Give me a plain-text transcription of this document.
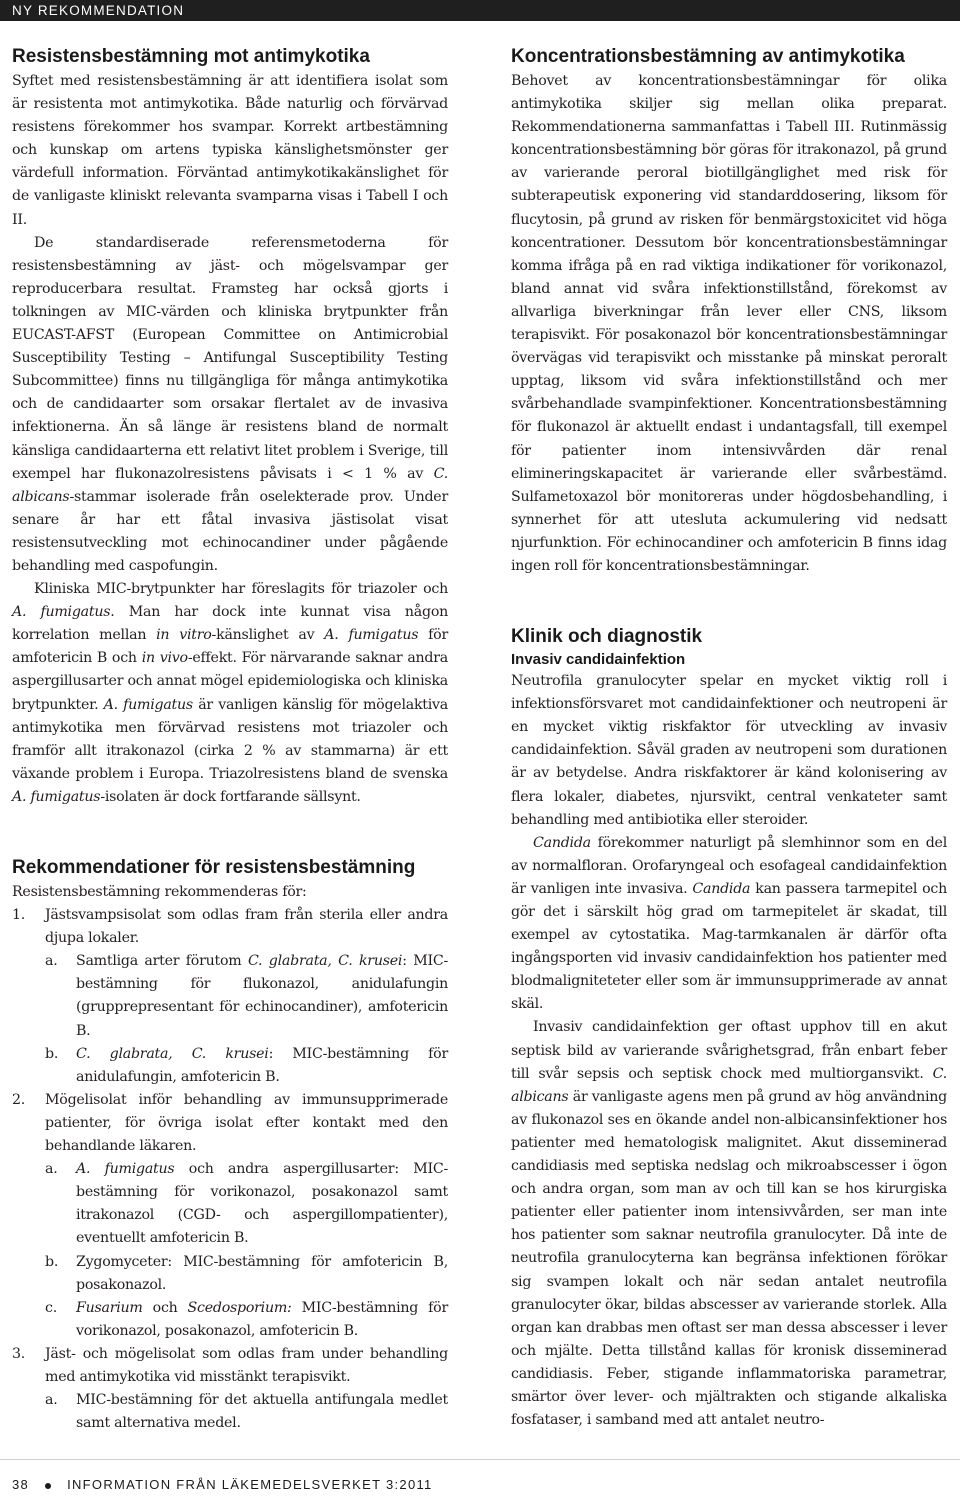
NY REKOMMENDATION
Resistensbestämning mot antimykotika

Syftet med resistensbestämning är att identifiera isolat som är resistenta mot antimykotika. Både naturlig och förvärvad resistens förekommer hos svampar. Korrekt artbestämning och kunskap om artens typiska känslighetsmönster ger värdefull information. Förväntad antimykotikakänslighet för de vanligaste kliniskt relevanta svamparna visas i Tabell I och II.

De standardiserade referensmetoderna för resistensbestämning av jäst- och mögelsvampar ger reproducerbara resultat. Framsteg har också gjorts i tolkningen av MIC-värden och kliniska brytpunkter från EUCAST-AFST (European Committee on Antimicrobial Susceptibility Testing – Antifungal Susceptibility Testing Subcommittee) finns nu tillgängliga för många antimykotika och de candidaarter som orsakar flertalet av de invasiva infektionerna. Än så länge är resistens bland de normalt känsliga candidaarterna ett relativt litet problem i Sverige, till exempel har flukonazolresistens påvisats i < 1 % av C. albicans-stammar isolerade från oselekterade prov. Under senare år har ett fåtal invasiva jästisolat visat resistensutveckling mot echinocandiner under pågående behandling med caspofungin.

Kliniska MIC-brytpunkter har föreslagits för triazoler och A. fumigatus. Man har dock inte kunnat visa någon korrelation mellan in vitro-känslighet av A. fumigatus för amfotericin B och in vivo-effekt. För närvarande saknar andra aspergillusarter och annat mögel epidemiologiska och kliniska brytpunkter. A. fumigatus är vanligen känslig för mögelaktiva antimykotika men förvärvad resistens mot triazoler och framför allt itrakonazol (cirka 2 % av stammarna) är ett växande problem i Europa. Triazolresistens bland de svenska A. fumigatus-isolaten är dock fortfarande sällsynt.

Rekommendationer för resistensbestämning
Resistensbestämning rekommenderas för:
1. Jästsvampsisolat som odlas fram från sterila eller andra djupa lokaler.
a. Samtliga arter förutom C. glabrata, C. krusei: MIC-bestämning för flukonazol, anidulafungin (grupprepresentant för echinocandiner), amfotericin B.
b. C. glabrata, C. krusei: MIC-bestämning för anidulafungin, amfotericin B.
2. Mögelisolat inför behandling av immunsupprimerade patienter, för övriga isolat efter kontakt med den behandlande läkaren.
a. A. fumigatus och andra aspergillusarter: MIC-bestämning för vorikonazol, posakonazol samt itrakonazol (CGD- och aspergillompatienter), eventuellt amfotericin B.
b. Zygomyceter: MIC-bestämning för amfotericin B, posakonazol.
c. Fusarium och Scedosporium: MIC-bestämning för vorikonazol, posakonazol, amfotericin B.
3. Jäst- och mögelisolat som odlas fram under behandling med antimykotika vid misstänkt terapisvikt.
a. MIC-bestämning för det aktuella antifungala medlet samt alternativa medel.
Koncentrationsbestämning av antimykotika

Behovet av koncentrationsbestämningar för olika antimykotika skiljer sig mellan olika preparat. Rekommendationerna sammanfattas i Tabell III. Rutinmässig koncentrationsbestämning bör göras för itrakonazol, på grund av varierande peroral biotillgänglighet med risk för subterapeutisk exponering vid standarddosering, liksom för flucytosin, på grund av risken för benmärgstoxicitet vid höga koncentrationer. Dessutom bör koncentrationsbestämningar komma ifråga på en rad viktiga indikationer för vorikonazol, bland annat vid svåra infektionstillstånd, förekomst av allvarliga biverkningar från lever eller CNS, liksom terapisvikt. För posakonazol bör koncentrationsbestämningar övervägas vid terapisvikt och misstanke på minskat peroralt upptag, liksom vid svåra infektionstillstånd och mer svårbehandlade svampinfektioner. Koncentrationsbestämning för flukonazol är aktuellt endast i undantagsfall, till exempel för patienter inom intensivvården där renal elimineringskapacitet är varierande eller svårbestämd. Sulfametoxazol bör monitoreras under högdosbehandling, i synnerhet för att utesluta ackumulering vid nedsatt njurfunktion. För echinocandiner och amfotericin B finns idag ingen roll för koncentrationsbestämningar.

Klinik och diagnostik
Invasiv candidainfektion

Neutrofila granulocyter spelar en mycket viktig roll i infektionsförsvaret mot candidainfektioner och neutropeni är en mycket viktig riskfaktor för utveckling av invasiv candidainfektion. Såväl graden av neutropeni som durationen är av betydelse. Andra riskfaktorer är känd kolonisering av flera lokaler, diabetes, njursvikt, central venkateter samt behandling med antibiotika eller steroider.

Candida förekommer naturligt på slemhinnor som en del av normalfloran. Orofaryngeal och esofageal candidainfektion är vanligen inte invasiva. Candida kan passera tarmepitel och gör det i särskilt hög grad om tarmepitelet är skadat, till exempel av cytostatika. Mag-tarmkanalen är därför ofta ingångsporten vid invasiv candidainfektion hos patienter med blodmaligniteteter eller som är immunsupprimerade av annat skäl.

Invasiv candidainfektion ger oftast upphov till en akut septisk bild av varierande svårighetsgrad, från enbart feber till svår sepsis och septisk chock med multiorgansvikt. C. albicans är vanligaste agens men på grund av hög användning av flukonazol ses en ökande andel non-albicansinfektioner hos patienter med hematologisk malignitet. Akut disseminerad candidiasis med septiska nedslag och mikroabscesser i ögon och andra organ, som man av och till kan se hos kirurgiska patienter eller patienter inom intensivvården, ser man inte hos patienter som saknar neutrofila granulocyter. Då inte de neutrofila granulocyterna kan begränsa infektionen förökar sig svampen lokalt och när sedan antalet neutrofila granulocyter ökar, bildas abscesser av varierande storlek. Alla organ kan drabbas men oftast ser man dessa abscesser i lever och mjälte. Detta tillstånd kallas för kronisk disseminerad candidiasis. Feber, stigande inflammatoriska parametrar, smärtor över lever- och mjältrakten och stigande alkaliska fosfataser, i samband med att antalet neutro-

38	INFORMATION FRÅN LÄKEMEDELSVERKET 3:2011
